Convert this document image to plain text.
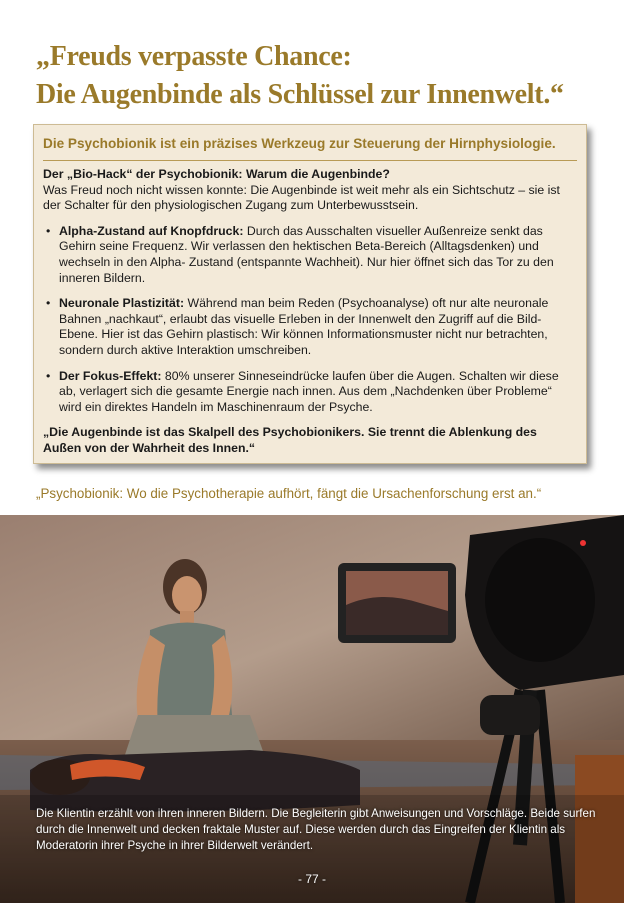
„Freuds verpasste Chance:
Die Augenbinde als Schlüssel zur Innenwelt.“
Die Psychobionik ist ein präzises Werkzeug zur Steuerung der Hirnphysiologie.
Der „Bio-Hack“ der Psychobionik: Warum die Augenbinde?
Was Freud noch nicht wissen konnte: Die Augenbinde ist weit mehr als ein Sichtschutz – sie ist der Schalter für den physiologischen Zugang zum Unterbewusstsein.
• Alpha-Zustand auf Knopfdruck: Durch das Ausschalten visueller Außenreize senkt das Gehirn seine Frequenz. Wir verlassen den hektischen Beta-Bereich (Alltagsdenken) und wechseln in den Alpha- Zustand (entspannte Wachheit). Nur hier öffnet sich das Tor zu den inneren Bildern.
• Neuronale Plastizität: Während man beim Reden (Psychoanalyse) oft nur alte neuronale Bahnen „nachkaut“, erlaubt das visuelle Erleben in der Innenwelt den Zugriff auf die Bild-Ebene. Hier ist das Gehirn plastisch: Wir können Informationsmuster nicht nur betrachten, sondern durch aktive Interaktion umschreiben.
• Der Fokus-Effekt: 80% unserer Sinneseindrücke laufen über die Augen. Schalten wir diese ab, verlagert sich die gesamte Energie nach innen. Aus dem „Nachdenken über Probleme“ wird ein direktes Handeln im Maschinenraum der Psyche.
„Die Augenbinde ist das Skalpell des Psychobionikers. Sie trennt die Ablenkung des Außen von der Wahrheit des Innen.“
„Psychobionik: Wo die Psychotherapie aufhört, fängt die Ursachenforschung erst an.“
Die Klientin erzählt von ihren inneren Bildern. Die Begleiterin gibt Anweisungen und Vorschläge. Beide surfen durch die Innenwelt und decken fraktale Muster auf. Diese werden durch das Eingreifen der Klientin als Moderatorin ihrer Psyche in ihrer Bilderwelt verändert.
- 77 -
